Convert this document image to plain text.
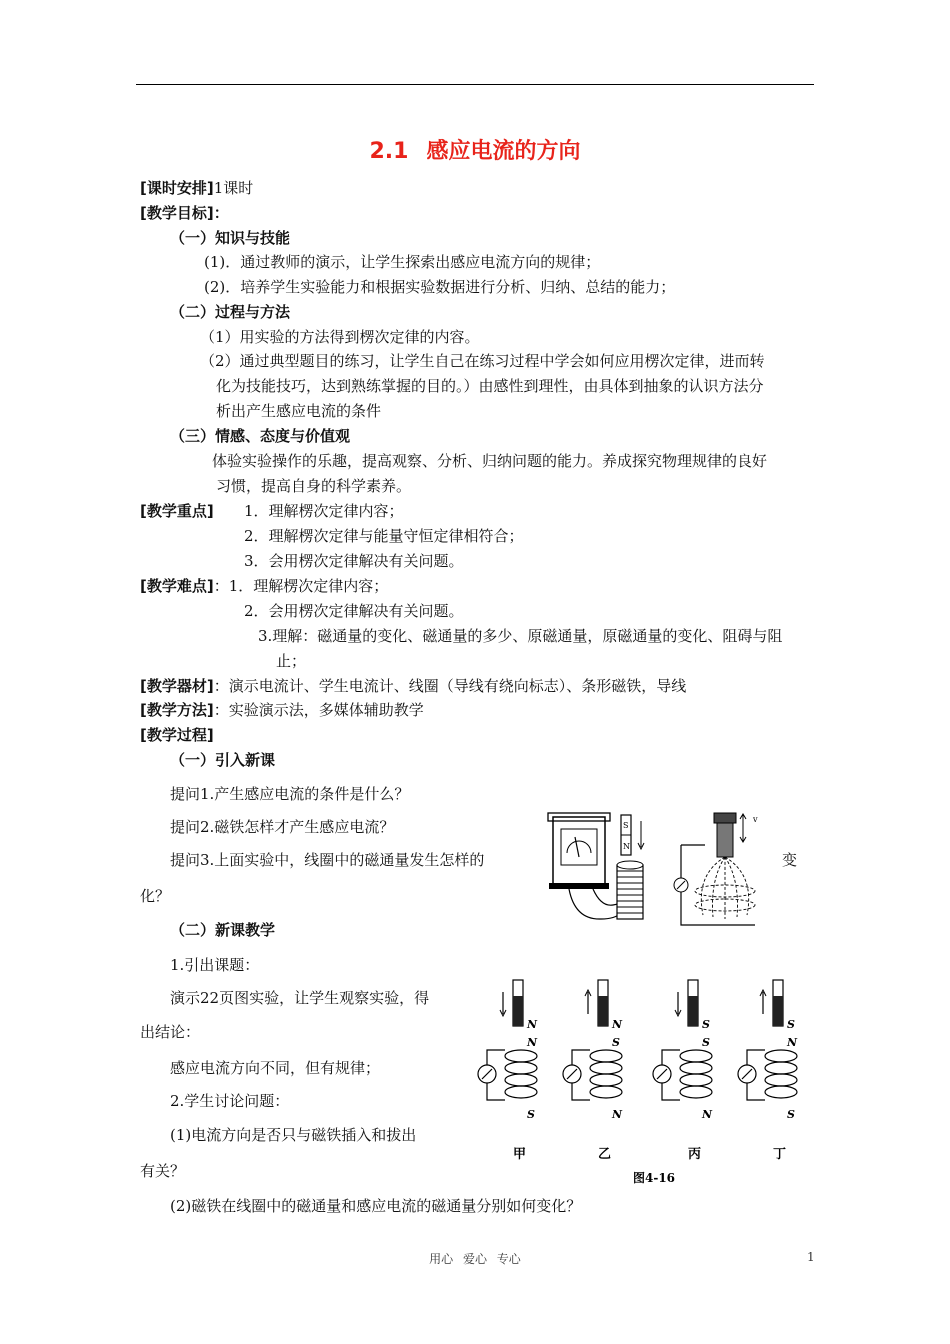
2.1 感应电流的方向
[课时安排]1课时
[教学目标]：
（一）知识与技能
(1)．通过教师的演示，让学生探索出感应电流方向的规律；
(2)．培养学生实验能力和根据实验数据进行分析、归纳、总结的能力；
（二）过程与方法
（1）用实验的方法得到楞次定律的内容。
（2）通过典型题目的练习，让学生自己在练习过程中学会如何应用楞次定律，进而转
化为技能技巧，达到熟练掌握的目的。）由感性到理性，由具体到抽象的认识方法分
析出产生感应电流的条件
（三）情感、态度与价值观
体验实验操作的乐趣，提高观察、分析、归纳问题的能力。养成探究物理规律的良好
习惯，提高自身的科学素养。
[教学重点] 1．理解楞次定律内容；
2．理解楞次定律与能量守恒定律相符合；
3．会用楞次定律解决有关问题。
[教学难点]：1．理解楞次定律内容；
2．会用楞次定律解决有关问题。
3.理解：磁通量的变化、磁通量的多少、原磁通量，原磁通量的变化、阻碍与阻
止；
[教学器材]：演示电流计、学生电流计、线圈（导线有绕向标志）、条形磁铁，导线
[教学方法]：实验演示法，多媒体辅助教学
[教学过程]
（一）引入新课
提问1.产生感应电流的条件是什么？
提问2.磁铁怎样才产生感应电流？
提问3.上面实验中，线圈中的磁通量发生怎样的	变
化？
（二）新课教学
1.引出课题：
演示22页图实验，让学生观察实验，得
出结论：
感应电流方向不同，但有规律；
2.学生讨论问题：
(1)电流方向是否只与磁铁插入和拔出
有关？
(2)磁铁在线圈中的磁通量和感应电流的磁通量分别如何变化？
S
N
v
N
N
S
甲
N
S
N
乙
S
S
N
丙
S
N
S
丁
图4-16
用心 爱心 专心	1
